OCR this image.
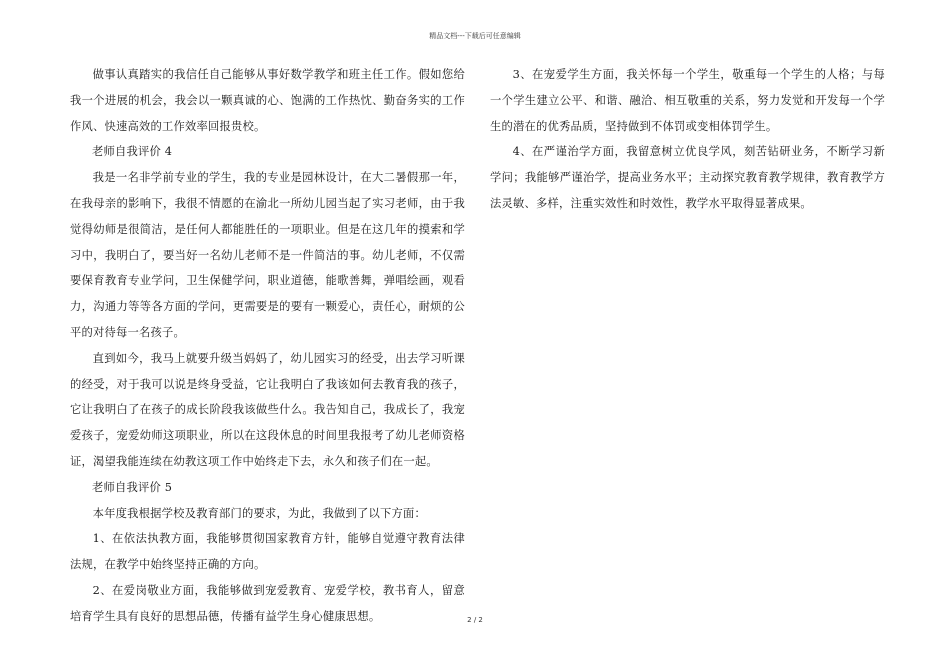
精品文档---下载后可任意编辑

做事认真踏实的我信任自己能够从事好数学教学和班主任工作。假如您给我一个进展的机会，我会以一颗真诚的心、饱满的工作热忱、勤奋务实的工作作风、快速高效的工作效率回报贵校。

老师自我评价 4

我是一名非学前专业的学生，我的专业是园林设计，在大二暑假那一年，在我母亲的影响下，我很不情愿的在渝北一所幼儿园当起了实习老师，由于我觉得幼师是很简洁，是任何人都能胜任的一项职业。但是在这几年的摸索和学习中，我明白了，要当好一名幼儿老师不是一件简洁的事。幼儿老师，不仅需要保育教育专业学问，卫生保健学问，职业道德，能歌善舞，弹唱绘画，观看力，沟通力等等各方面的学问，更需要是的要有一颗爱心，责任心，耐烦的公平的对待每一名孩子。

直到如今，我马上就要升级当妈妈了，幼儿园实习的经受，出去学习听课的经受，对于我可以说是终身受益，它让我明白了我该如何去教育我的孩子，它让我明白了在孩子的成长阶段我该做些什么。我告知自己，我成长了，我宠爱孩子，宠爱幼师这项职业，所以在这段休息的时间里我报考了幼儿老师资格证，渴望我能连续在幼教这项工作中始终走下去，永久和孩子们在一起。

老师自我评价 5

本年度我根据学校及教育部门的要求，为此，我做到了以下方面：

1、在依法执教方面，我能够贯彻国家教育方针，能够自觉遵守教育法律法规，在教学中始终坚持正确的方向。

2、在爱岗敬业方面，我能够做到宠爱教育、宠爱学校，教书育人，留意培育学生具有良好的思想品德，传播有益学生身心健康思想。

3、在宠爱学生方面，我关怀每一个学生，敬重每一个学生的人格；与每一个学生建立公平、和谐、融洽、相互敬重的关系，努力发觉和开发每一个学生的潜在的优秀品质，坚持做到不体罚或变相体罚学生。

4、在严谨治学方面，我留意树立优良学风，刻苦钻研业务，不断学习新学问；我能够严谨治学，提高业务水平；主动探究教育教学规律，教育教学方法灵敏、多样，注重实效性和时效性，教学水平取得显著成果。

2 / 2
